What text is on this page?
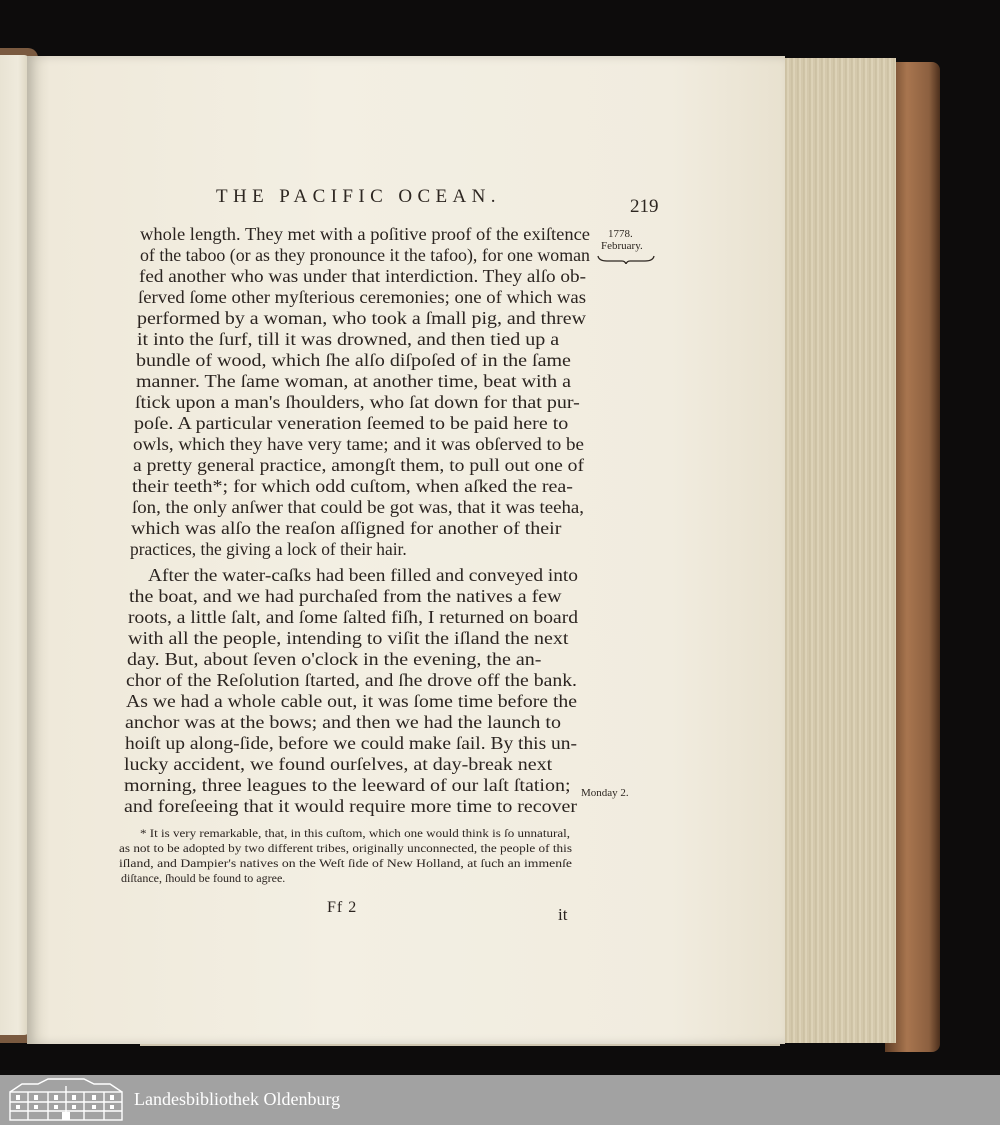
THE PACIFIC OCEAN.	219
1778.
February.
Monday 2.
whole length. They met with a poſitive proof of the exiſtence
of the taboo (or as they pronounce it the tafoo), for one woman
fed another who was under that interdiction. They alſo ob-
ſerved ſome other myſterious ceremonies; one of which was
performed by a woman, who took a ſmall pig, and threw
it into the ſurf, till it was drowned, and then tied up a
bundle of wood, which ſhe alſo diſpoſed of in the ſame
manner. The ſame woman, at another time, beat with a
ſtick upon a man's ſhoulders, who ſat down for that pur-
poſe. A particular veneration ſeemed to be paid here to
owls, which they have very tame; and it was obſerved to be
a pretty general practice, amongſt them, to pull out one of
their teeth*; for which odd cuſtom, when aſked the rea-
ſon, the only anſwer that could be got was, that it was teeha,
which was alſo the reaſon aſſigned for another of their
practices, the giving a lock of their hair.
After the water-caſks had been filled and conveyed into
the boat, and we had purchaſed from the natives a few
roots, a little ſalt, and ſome ſalted fiſh, I returned on board
with all the people, intending to viſit the iſland the next
day. But, about ſeven o'clock in the evening, the an-
chor of the Reſolution ſtarted, and ſhe drove off the bank.
As we had a whole cable out, it was ſome time before the
anchor was at the bows; and then we had the launch to
hoiſt up along-ſide, before we could make ſail. By this un-
lucky accident, we found ourſelves, at day-break next
morning, three leagues to the leeward of our laſt ſtation;
and foreſeeing that it would require more time to recover
* It is very remarkable, that, in this cuſtom, which one would think is ſo unnatural,
as not to be adopted by two different tribes, originally unconnected, the people of this
iſland, and Dampier's natives on the Weſt ſide of New Holland, at ſuch an immenſe
diſtance, ſhould be found to agree.
Ff 2	it
Landesbibliothek Oldenburg
